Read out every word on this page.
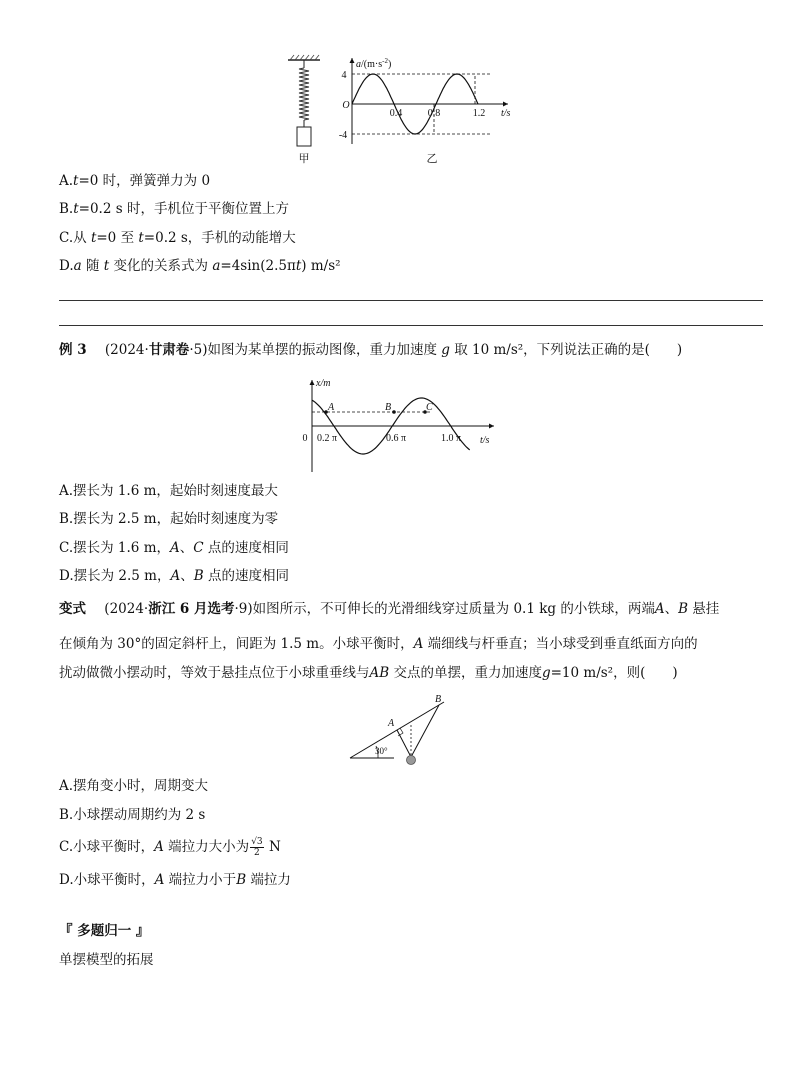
甲
$a/(m\cdot s^{-2})$
4
-4
O
0.4	0.8	1.2 t/s
乙
A.t=0 时，弹簧弹力为 0
B.t=0.2 s 时，手机位于平衡位置上方
C.从 t=0 至 t=0.2 s，手机的动能增大
D.a 随 t 变化的关系式为 a=4sin(2.5πt) m/s²
例 3 (2024·甘肃卷·5)如图为某单摆的振动图像，重力加速度 g 取 10 m/s²，下列说法正确的是(　　)
x/m
0 0.2 π	0.6 π	1.0 π t/s
A	B	C
A.摆长为 1.6 m，起始时刻速度最大
B.摆长为 2.5 m，起始时刻速度为零
C.摆长为 1.6 m，A、C 点的速度相同
D.摆长为 2.5 m，A、B 点的速度相同
变式 (2024·浙江 6 月选考·9)如图所示，不可伸长的光滑细线穿过质量为 0.1 kg 的小铁球，两端A、B 悬挂
在倾角为 30°的固定斜杆上，间距为 1.5 m。小球平衡时，A 端细线与杆垂直；当小球受到垂直纸面方向的
扰动做微小摆动时，等效于悬挂点位于小球重垂线与AB 交点的单摆，重力加速度g=10 m/s²，则(　　)
A
B
30°
A.摆角变小时，周期变大
B.小球摆动周期约为 2 s
C.小球平衡时，A 端拉力大小为 $\frac{√3}{2}$ N
D.小球平衡时，A 端拉力小于B 端拉力
『 多题归一 』
单摆模型的拓展
